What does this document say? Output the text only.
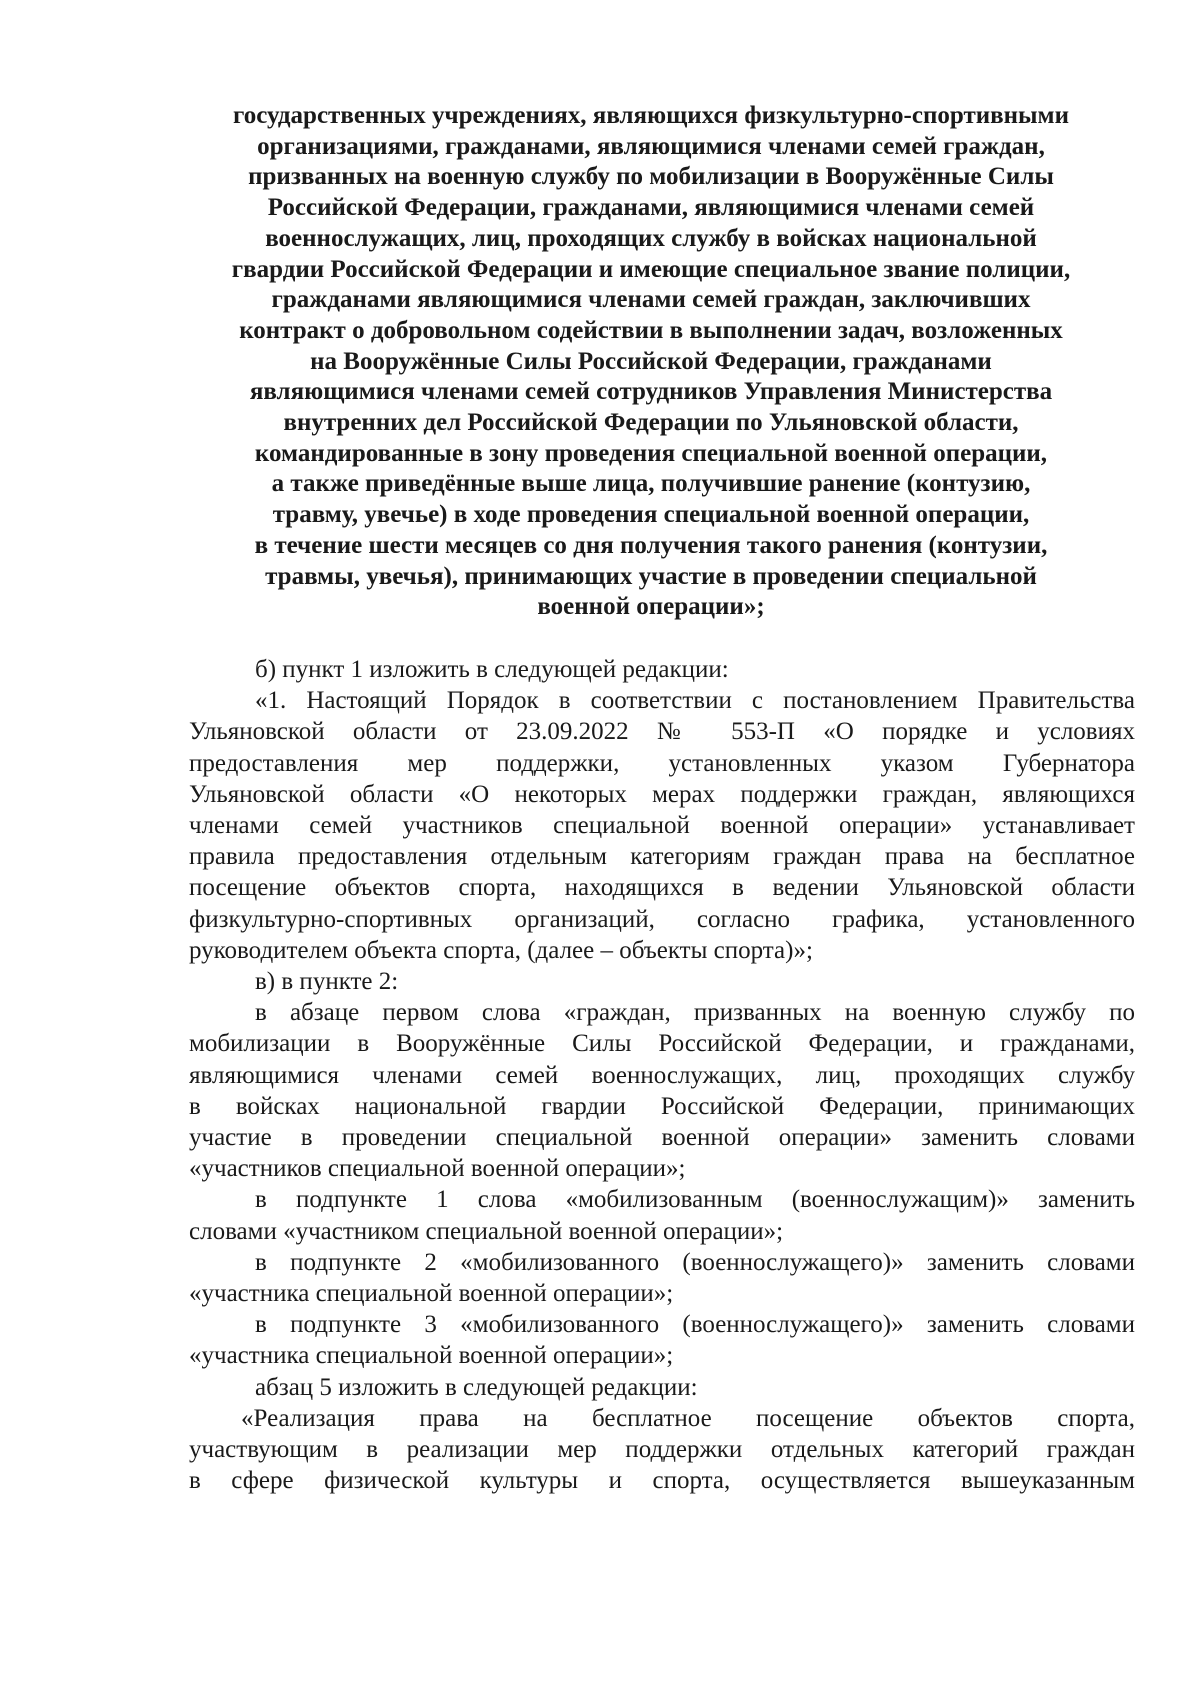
государственных учреждениях, являющихся физкультурно-спортивными
организациями, гражданами, являющимися членами семей граждан,
призванных на военную службу по мобилизации в Вооружённые Силы
Российской Федерации, гражданами, являющимися членами семей
военнослужащих, лиц, проходящих службу в войсках национальной
гвардии Российской Федерации и имеющие специальное звание полиции,
гражданами являющимися членами семей граждан, заключивших
контракт о добровольном содействии в выполнении задач, возложенных
на Вооружённые Силы Российской Федерации, гражданами
являющимися членами семей сотрудников Управления Министерства
внутренних дел Российской Федерации по Ульяновской области,
командированные в зону проведения специальной военной операции,
а также приведённые выше лица, получившие ранение (контузию,
травму, увечье) в ходе проведения специальной военной операции,
в течение шести месяцев со дня получения такого ранения (контузии,
травмы, увечья), принимающих участие в проведении специальной
военной операции»;
б) пункт 1 изложить в следующей редакции:
«1. Настоящий Порядок в соответствии с постановлением Правительства
Ульяновской области от 23.09.2022 № 553-П «О порядке и условиях
предоставления мер поддержки, установленных указом Губернатора
Ульяновской области «О некоторых мерах поддержки граждан, являющихся
членами семей участников специальной военной операции» устанавливает
правила предоставления отдельным категориям граждан права на бесплатное
посещение объектов спорта, находящихся в ведении Ульяновской области
физкультурно-спортивных организаций, согласно графика, установленного
руководителем объекта спорта, (далее – объекты спорта)»;
в) в пункте 2:
в абзаце первом слова «граждан, призванных на военную службу по
мобилизации в Вооружённые Силы Российской Федерации, и гражданами,
являющимися членами семей военнослужащих, лиц, проходящих службу
в войсках национальной гвардии Российской Федерации, принимающих
участие в проведении специальной военной операции» заменить словами
«участников специальной военной операции»;
в подпункте 1 слова «мобилизованным (военнослужащим)» заменить
словами «участником специальной военной операции»;
в подпункте 2 «мобилизованного (военнослужащего)» заменить словами
«участника специальной военной операции»;
в подпункте 3 «мобилизованного (военнослужащего)» заменить словами
«участника специальной военной операции»;
абзац 5 изложить в следующей редакции:
«Реализация права на бесплатное посещение объектов спорта,
участвующим в реализации мер поддержки отдельных категорий граждан
в сфере физической культуры и спорта, осуществляется вышеуказанным
